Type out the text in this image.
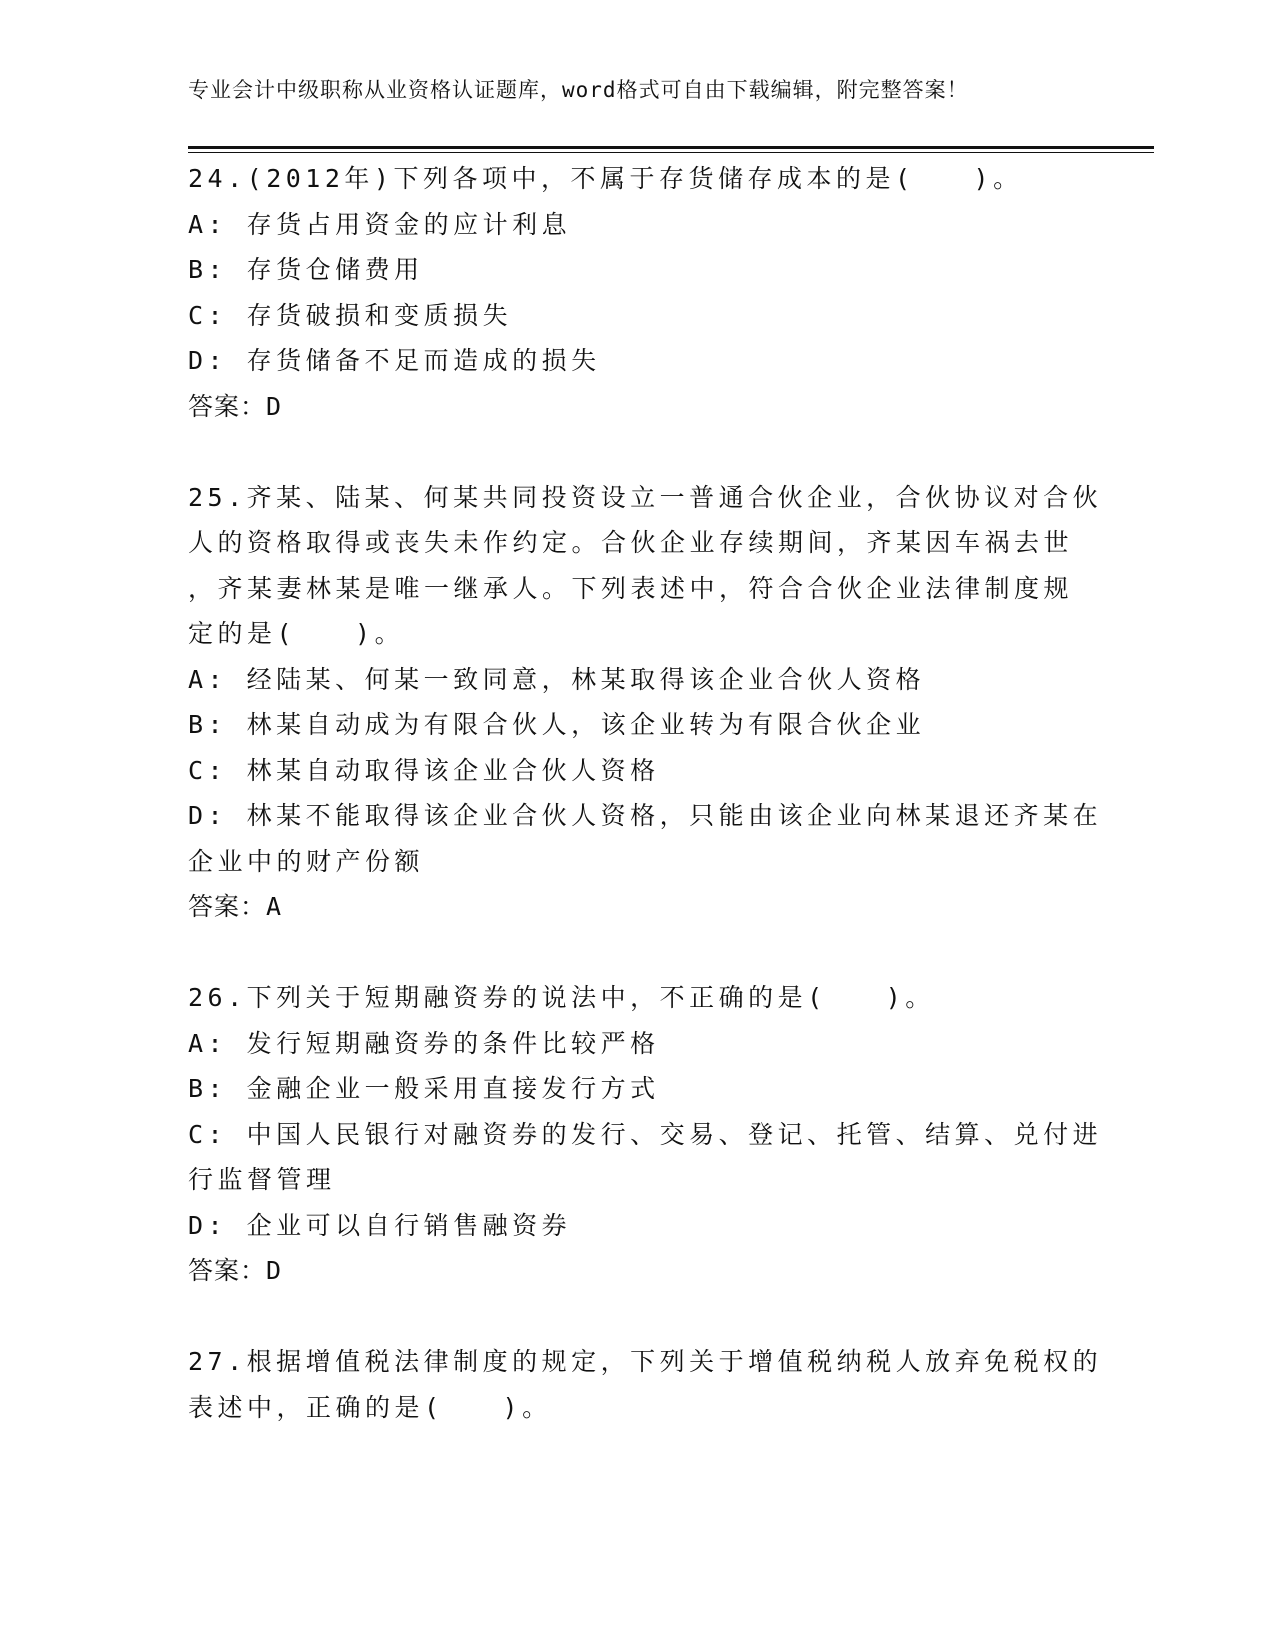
专业会计中级职称从业资格认证题库，word格式可自由下载编辑，附完整答案！
24.(2012年)下列各项中，不属于存货储存成本的是(　　)。
A: 存货占用资金的应计利息
B: 存货仓储费用
C: 存货破损和变质损失
D: 存货储备不足而造成的损失
答案：D
25.齐某、陆某、何某共同投资设立一普通合伙企业，合伙协议对合伙
人的资格取得或丧失未作约定。合伙企业存续期间，齐某因车祸去世
，齐某妻林某是唯一继承人。下列表述中，符合合伙企业法律制度规
定的是(　　)。
A: 经陆某、何某一致同意，林某取得该企业合伙人资格
B: 林某自动成为有限合伙人，该企业转为有限合伙企业
C: 林某自动取得该企业合伙人资格
D: 林某不能取得该企业合伙人资格，只能由该企业向林某退还齐某在
企业中的财产份额
答案：A
26.下列关于短期融资券的说法中，不正确的是(　　)。
A: 发行短期融资券的条件比较严格
B: 金融企业一般采用直接发行方式
C: 中国人民银行对融资券的发行、交易、登记、托管、结算、兑付进
行监督管理
D: 企业可以自行销售融资券
答案：D
27.根据增值税法律制度的规定，下列关于增值税纳税人放弃免税权的
表述中，正确的是(　　)。
